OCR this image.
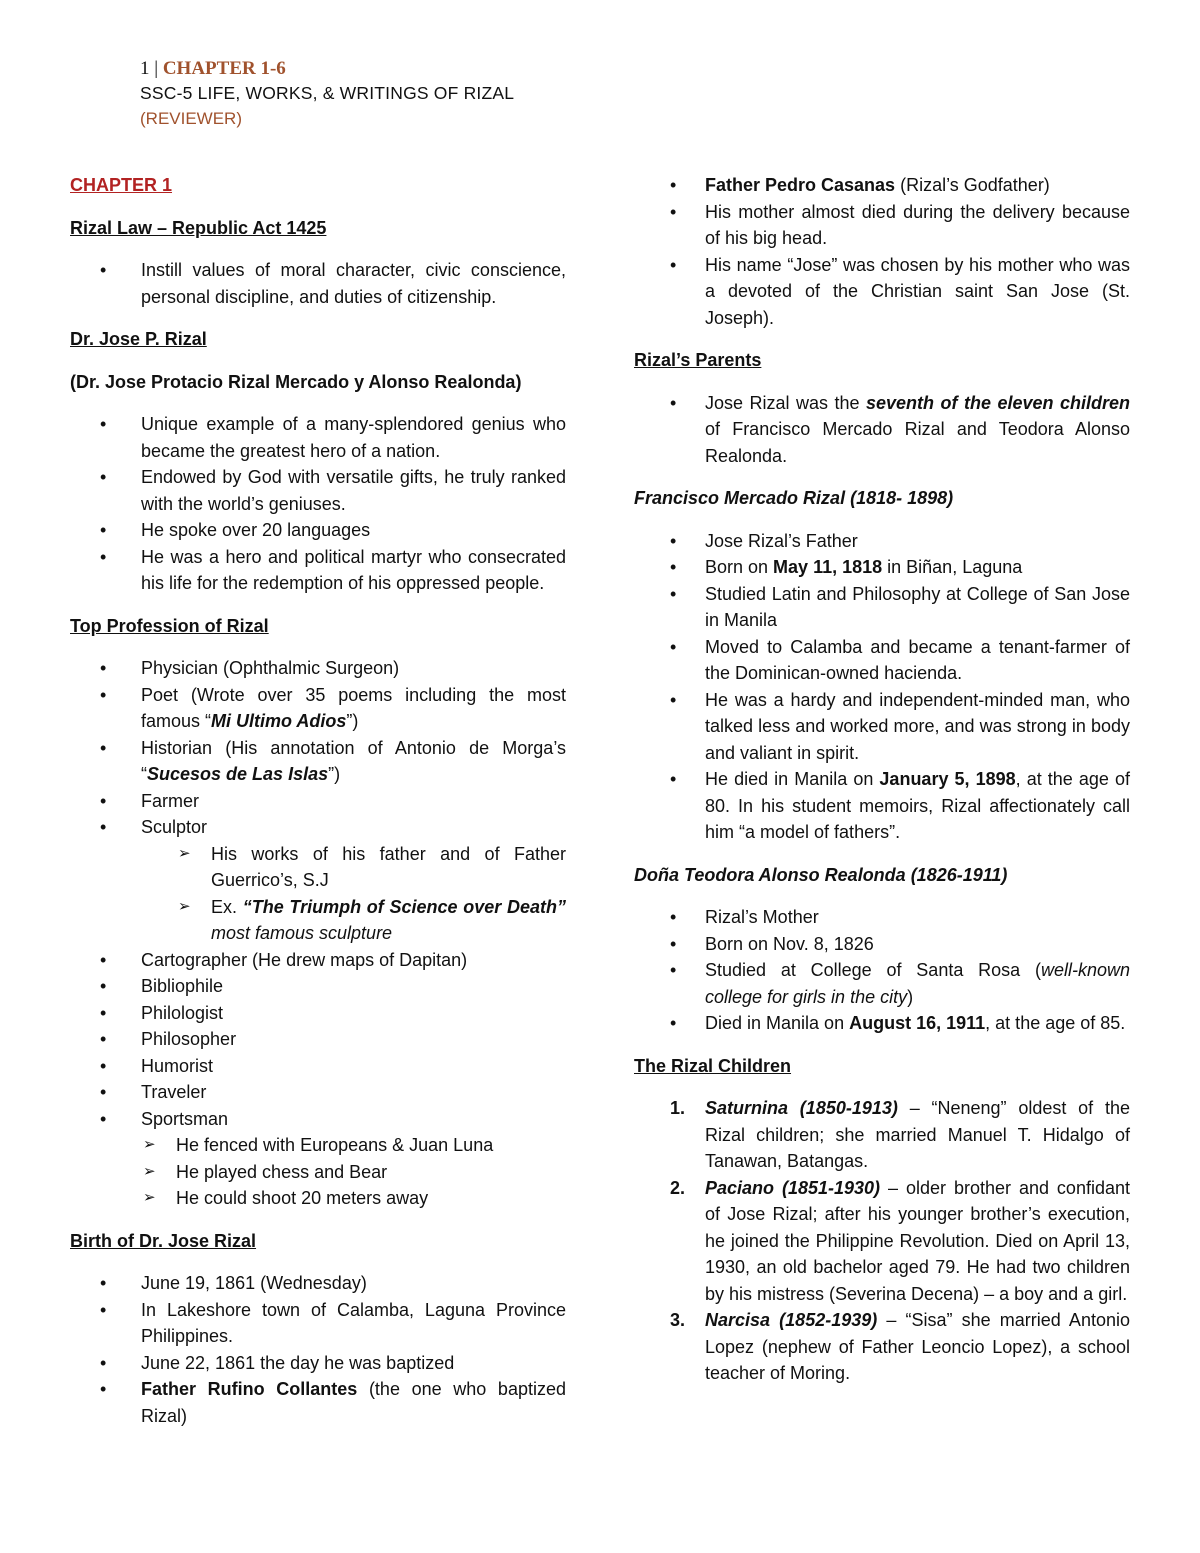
1 | CHAPTER 1-6
SSC-5 LIFE, WORKS, & WRITINGS OF RIZAL
(REVIEWER)
CHAPTER 1
Rizal Law – Republic Act 1425
• Instill values of moral character, civic conscience, personal discipline, and duties of citizenship.
Dr. Jose P. Rizal
(Dr. Jose Protacio Rizal Mercado y Alonso Realonda)
• Unique example of a many-splendored genius who became the greatest hero of a nation.
• Endowed by God with versatile gifts, he truly ranked with the world’s geniuses.
• He spoke over 20 languages
• He was a hero and political martyr who consecrated his life for the redemption of his oppressed people.
Top Profession of Rizal
• Physician (Ophthalmic Surgeon)
• Poet (Wrote over 35 poems including the most famous “Mi Ultimo Adios”)
• Historian (His annotation of Antonio de Morga’s “Sucesos de Las Islas”)
• Farmer
• Sculptor
➢ His works of his father and of Father Guerrico’s, S.J
➢ Ex. “The Triumph of Science over Death” most famous sculpture
• Cartographer (He drew maps of Dapitan)
• Bibliophile
• Philologist
• Philosopher
• Humorist
• Traveler
• Sportsman
➢ He fenced with Europeans & Juan Luna
➢ He played chess and Bear
➢ He could shoot 20 meters away
Birth of Dr. Jose Rizal
• June 19, 1861 (Wednesday)
• In Lakeshore town of Calamba, Laguna Province Philippines.
• June 22, 1861 the day he was baptized
• Father Rufino Collantes (the one who baptized Rizal)
• Father Pedro Casanas (Rizal’s Godfather)
• His mother almost died during the delivery because of his big head.
• His name “Jose” was chosen by his mother who was a devoted of the Christian saint San Jose (St. Joseph).
Rizal’s Parents
• Jose Rizal was the seventh of the eleven children of Francisco Mercado Rizal and Teodora Alonso Realonda.
Francisco Mercado Rizal (1818- 1898)
• Jose Rizal’s Father
• Born on May 11, 1818 in Biñan, Laguna
• Studied Latin and Philosophy at College of San Jose in Manila
• Moved to Calamba and became a tenant-farmer of the Dominican-owned hacienda.
• He was a hardy and independent-minded man, who talked less and worked more, and was strong in body and valiant in spirit.
• He died in Manila on January 5, 1898, at the age of 80. In his student memoirs, Rizal affectionately call him “a model of fathers”.
Doña Teodora Alonso Realonda (1826-1911)
• Rizal’s Mother
• Born on Nov. 8, 1826
• Studied at College of Santa Rosa (well-known college for girls in the city)
• Died in Manila on August 16, 1911, at the age of 85.
The Rizal Children
1. Saturnina (1850-1913) – “Neneng” oldest of the Rizal children; she married Manuel T. Hidalgo of Tanawan, Batangas.
2. Paciano (1851-1930) – older brother and confidant of Jose Rizal; after his younger brother’s execution, he joined the Philippine Revolution. Died on April 13, 1930, an old bachelor aged 79. He had two children by his mistress (Severina Decena) – a boy and a girl.
3. Narcisa (1852-1939) – “Sisa” she married Antonio Lopez (nephew of Father Leoncio Lopez), a school teacher of Moring.
